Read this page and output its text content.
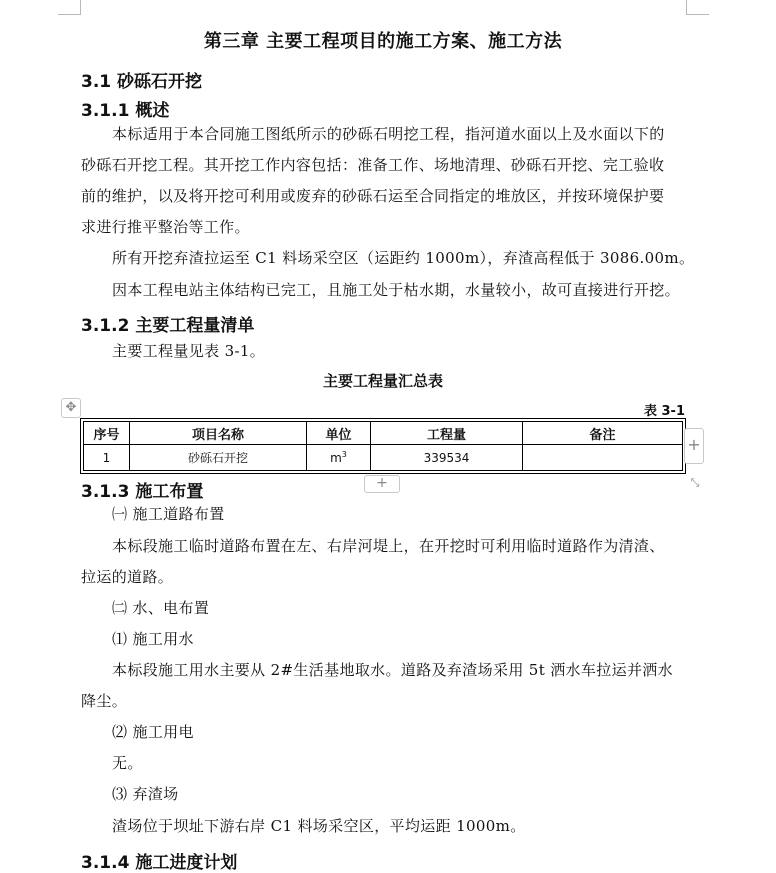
第三章 主要工程项目的施工方案、施工方法
3.1 砂砾石开挖
3.1.1 概述
本标适用于本合同施工图纸所示的砂砾石明挖工程，指河道水面以上及水面以下的
砂砾石开挖工程。其开挖工作内容包括：准备工作、场地清理、砂砾石开挖、完工验收
前的维护，以及将开挖可利用或废弃的砂砾石运至合同指定的堆放区，并按环境保护要
求进行推平整治等工作。
所有开挖弃渣拉运至 C1 料场采空区（运距约 1000m），弃渣高程低于 3086.00m。
因本工程电站主体结构已完工，且施工处于枯水期，水量较小，故可直接进行开挖。
3.1.2 主要工程量清单
主要工程量见表 3-1。
主要工程量汇总表
表 3-1
序号	项目名称	单位	工程量	备注
1	砂砾石开挖	$m^3$	339534	
3.1.3 施工布置
㈠ 施工道路布置
本标段施工临时道路布置在左、右岸河堤上，在开挖时可利用临时道路作为清渣、
拉运的道路。
㈡ 水、电布置
⑴ 施工用水
本标段施工用水主要从 2#生活基地取水。道路及弃渣场采用 5t 洒水车拉运并洒水
降尘。
⑵ 施工用电
无。
⑶ 弃渣场
渣场位于坝址下游右岸 C1 料场采空区，平均运距 1000m。
3.1.4 施工进度计划
✥
+
+	⤡
